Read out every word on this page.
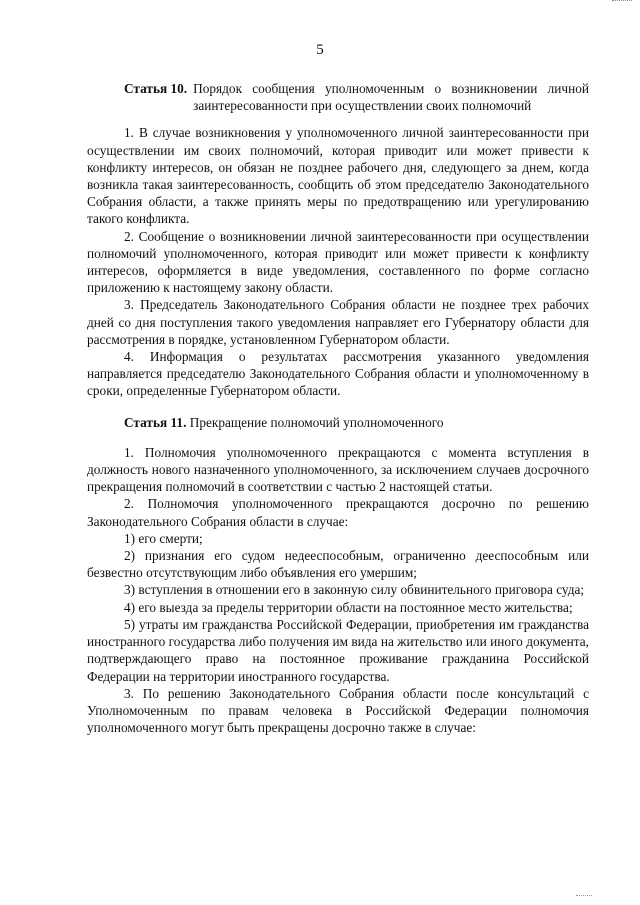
5
Статья 10. Порядок сообщения уполномоченным о возникновении личной заинтересованности при осуществлении своих полномочий

1. В случае возникновения у уполномоченного личной заинтересованности при осуществлении им своих полномочий, которая приводит или может привести к конфликту интересов, он обязан не позднее рабочего дня, следующего за днем, когда возникла такая заинтересованность, сообщить об этом председателю Законодательного Собрания области, а также принять меры по предотвращению или урегулированию такого конфликта.

2. Сообщение о возникновении личной заинтересованности при осуществлении полномочий уполномоченного, которая приводит или может привести к конфликту интересов, оформляется в виде уведомления, составленного по форме согласно приложению к настоящему закону области.

3. Председатель Законодательного Собрания области не позднее трех рабочих дней со дня поступления такого уведомления направляет его Губернатору области для рассмотрения в порядке, установленном Губернатором области.

4. Информация о результатах рассмотрения указанного уведомления направляется председателю Законодательного Собрания области и уполномоченному в сроки, определенные Губернатором области.

Статья 11. Прекращение полномочий уполномоченного

1. Полномочия уполномоченного прекращаются с момента вступления в должность нового назначенного уполномоченного, за исключением случаев досрочного прекращения полномочий в соответствии с частью 2 настоящей статьи.

2. Полномочия уполномоченного прекращаются досрочно по решению Законодательного Собрания области в случае:

1) его смерти;

2) признания его судом недееспособным, ограниченно дееспособным или безвестно отсутствующим либо объявления его умершим;

3) вступления в отношении его в законную силу обвинительного приговора суда;

4) его выезда за пределы территории области на постоянное место жительства;

5) утраты им гражданства Российской Федерации, приобретения им гражданства иностранного государства либо получения им вида на жительство или иного документа, подтверждающего право на постоянное проживание гражданина Российской Федерации на территории иностранного государства.

3. По решению Законодательного Собрания области после консультаций с Уполномоченным по правам человека в Российской Федерации полномочия уполномоченного могут быть прекращены досрочно также в случае:
